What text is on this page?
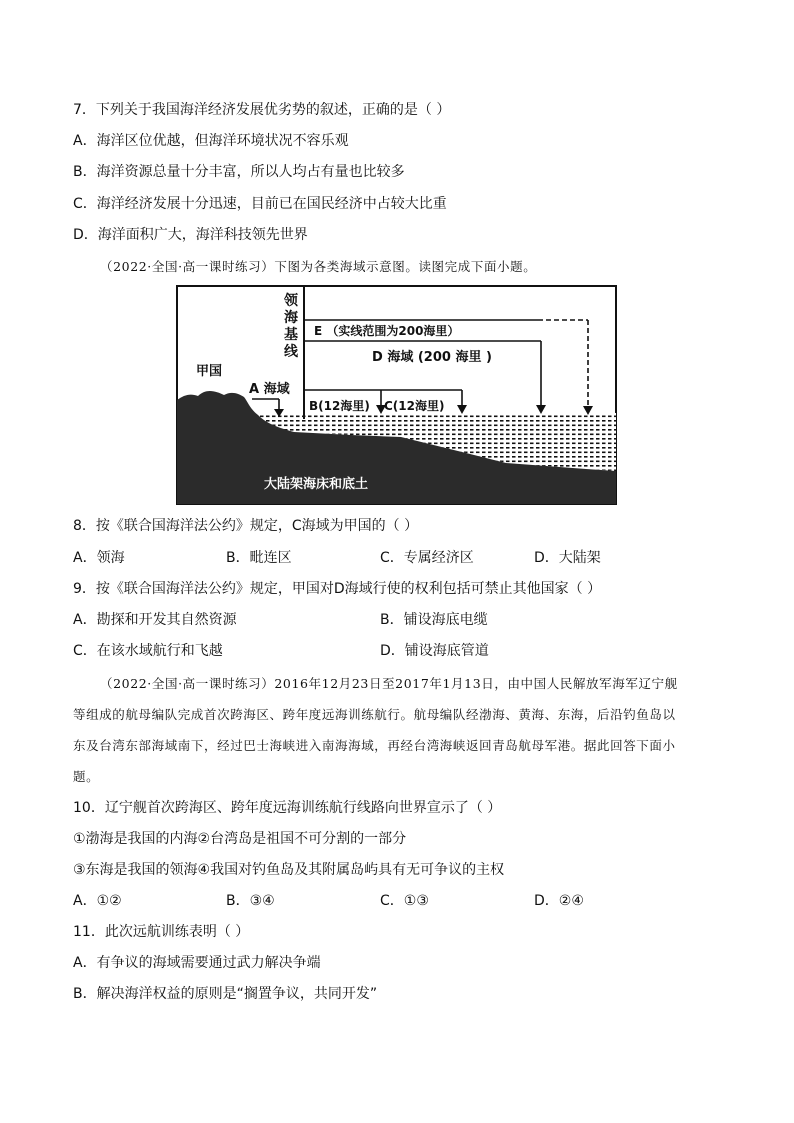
7．下列关于我国海洋经济发展优劣势的叙述，正确的是（ ）
A．海洋区位优越，但海洋环境状况不容乐观
B．海洋资源总量十分丰富，所以人均占有量也比较多
C．海洋经济发展十分迅速，目前已在国民经济中占较大比重
D．海洋面积广大，海洋科技领先世界
（2022·全国·高一课时练习）下图为各类海域示意图。读图完成下面小题。
领
海
基
线
E （实线范围为200海里）
D 海域 (200 海里 )
甲国
A 海域
B(12海里) C(12海里)
大陆架海床和底土
8．按《联合国海洋法公约》规定，C海域为甲国的（ ）
A．领海	B．毗连区	C．专属经济区	D．大陆架
9．按《联合国海洋法公约》规定，甲国对D海域行使的权利包括可禁止其他国家（ ）
A．勘探和开发其自然资源	B．铺设海底电缆
C．在该水域航行和飞越	D．铺设海底管道
（2022·全国·高一课时练习）2016年12月23日至2017年1月13日，由中国人民解放军海军辽宁舰
等组成的航母编队完成首次跨海区、跨年度远海训练航行。航母编队经渤海、黄海、东海，后沿钓鱼岛以
东及台湾东部海域南下，经过巴士海峡进入南海海域，再经台湾海峡返回青岛航母军港。据此回答下面小
题。
10．辽宁舰首次跨海区、跨年度远海训练航行线路向世界宣示了（ ）
①渤海是我国的内海②台湾岛是祖国不可分割的一部分
③东海是我国的领海④我国对钓鱼岛及其附属岛屿具有无可争议的主权
A．①②	B．③④	C．①③	D．②④
11．此次远航训练表明（ ）
A．有争议的海域需要通过武力解决争端
B．解决海洋权益的原则是“搁置争议，共同开发”
